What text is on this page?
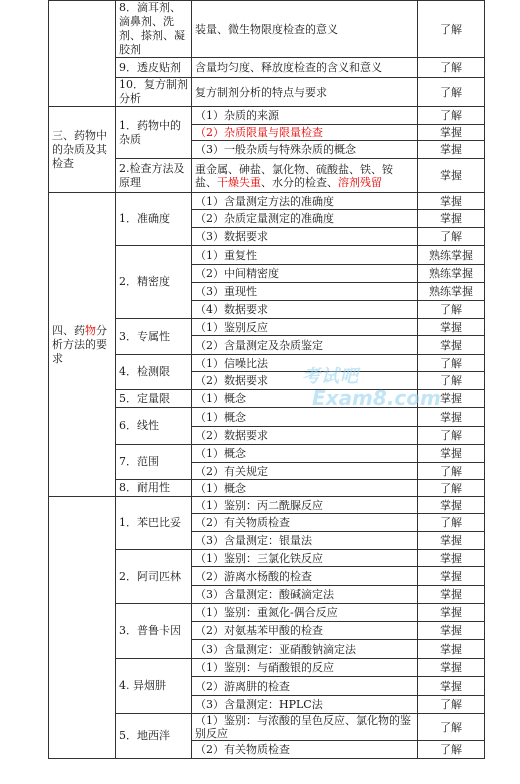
	8．滴耳剂、滴鼻剂、洗剂、搽剂、凝胶剂	装量、微生物限度检查的意义	了解
	9．透皮贴剂	含量均匀度、释放度检查的含义和意义	了解
	10．复方制剂分析	复方制剂分析的特点与要求	了解
三、药物中的杂质及其检查	1．药物中的杂质	（1）杂质的来源	了解
		（2）杂质限量与限量检查	掌握
		（3）一般杂质与特殊杂质的概念	掌握
	2.检查方法及原理	重金属、砷盐、氯化物、硫酸盐、铁、铵盐、干燥失重、水分的检查、溶剂残留	掌握
四、药物分析方法的要求	1．准确度	（1）含量测定方法的准确度	掌握
		（2）杂质定量测定的准确度	掌握
		（3）数据要求	了解
	2．精密度	（1）重复性	熟练掌握
		（2）中间精密度	熟练掌握
		（3）重现性	熟练掌握
		（4）数据要求	了解
	3．专属性	（1）鉴别反应	掌握
		（2）含量测定及杂质鉴定	掌握
	4．检测限	（1）信噪比法	了解
		（2）数据要求	了解
	5．定量限	（1）概念	掌握
	6．线性	（1）概念	掌握
		（2）数据要求	了解
	7．范围	（1）概念	掌握
		（2）有关规定	了解
	8．耐用性	（1）概念	了解
	1．苯巴比妥	（1）鉴别：丙二酰脲反应	掌握
		（2）有关物质检查	了解
		（3）含量测定：银量法	掌握
	2．阿司匹林	（1）鉴别：三氯化铁反应	掌握
		（2）游离水杨酸的检查	掌握
		（3）含量测定：酸碱滴定法	掌握
	3．普鲁卡因	（1）鉴别：重氮化-偶合反应	掌握
		（2）对氨基苯甲酸的检查	掌握
		（3）含量测定：亚硝酸钠滴定法	掌握
	4. 异烟肼	（1）鉴别：与硝酸银的反应	掌握
		（2）游离肼的检查	掌握
		（3）含量测定：HPLC法	了解
	5．地西泮	（1）鉴别：与浓酸的呈色反应、氯化物的鉴别反应	了解
		（2）有关物质检查	了解
考试吧
Exam8.com
